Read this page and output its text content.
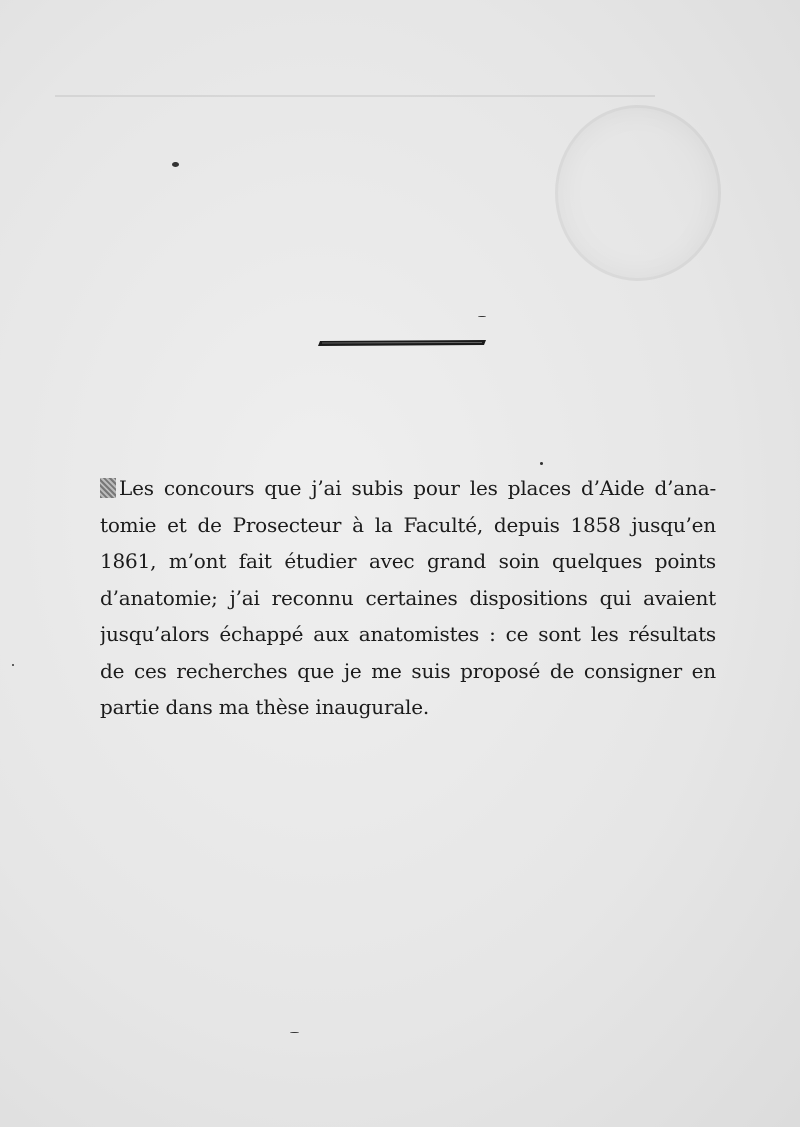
Les concours que j’ai subis pour les places d’Aide d’ana-
tomie et de Prosecteur à la Faculté, depuis 1858 jusqu’en
1861, m’ont fait étudier avec grand soin quelques points
d’anatomie; j’ai reconnu certaines dispositions qui avaient
jusqu’alors échappé aux anatomistes : ce sont les résultats
de ces recherches que je me suis proposé de consigner en
partie dans ma thèse inaugurale.
